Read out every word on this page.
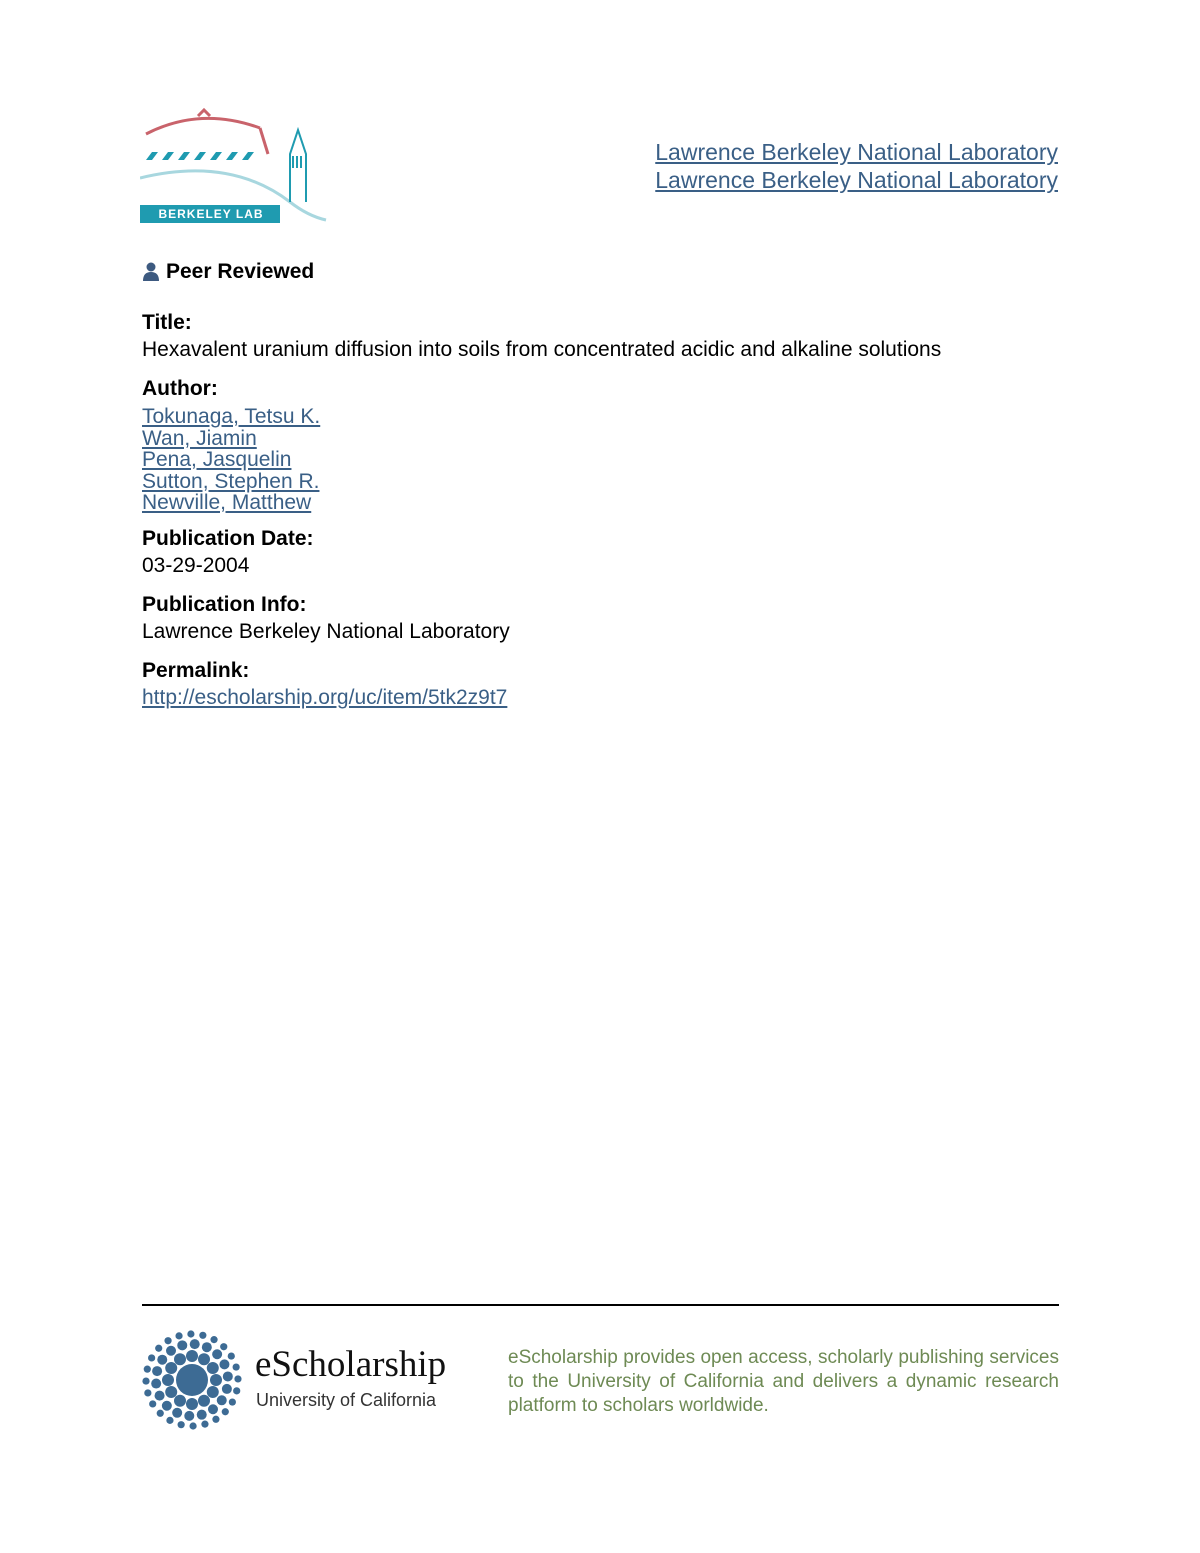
BERKELEY LAB
Lawrence Berkeley National Laboratory
Lawrence Berkeley National Laboratory
Peer Reviewed
Title:
Hexavalent uranium diffusion into soils from concentrated acidic and alkaline solutions
Author:
Tokunaga, Tetsu K.
Wan, Jiamin
Pena, Jasquelin
Sutton, Stephen R.
Newville, Matthew
Publication Date:
03-29-2004
Publication Info:
Lawrence Berkeley National Laboratory
Permalink:
http://escholarship.org/uc/item/5tk2z9t7
eScholarship
University of California
eScholarship provides open access, scholarly publishing services to the University of California and delivers a dynamic research platform to scholars worldwide.
